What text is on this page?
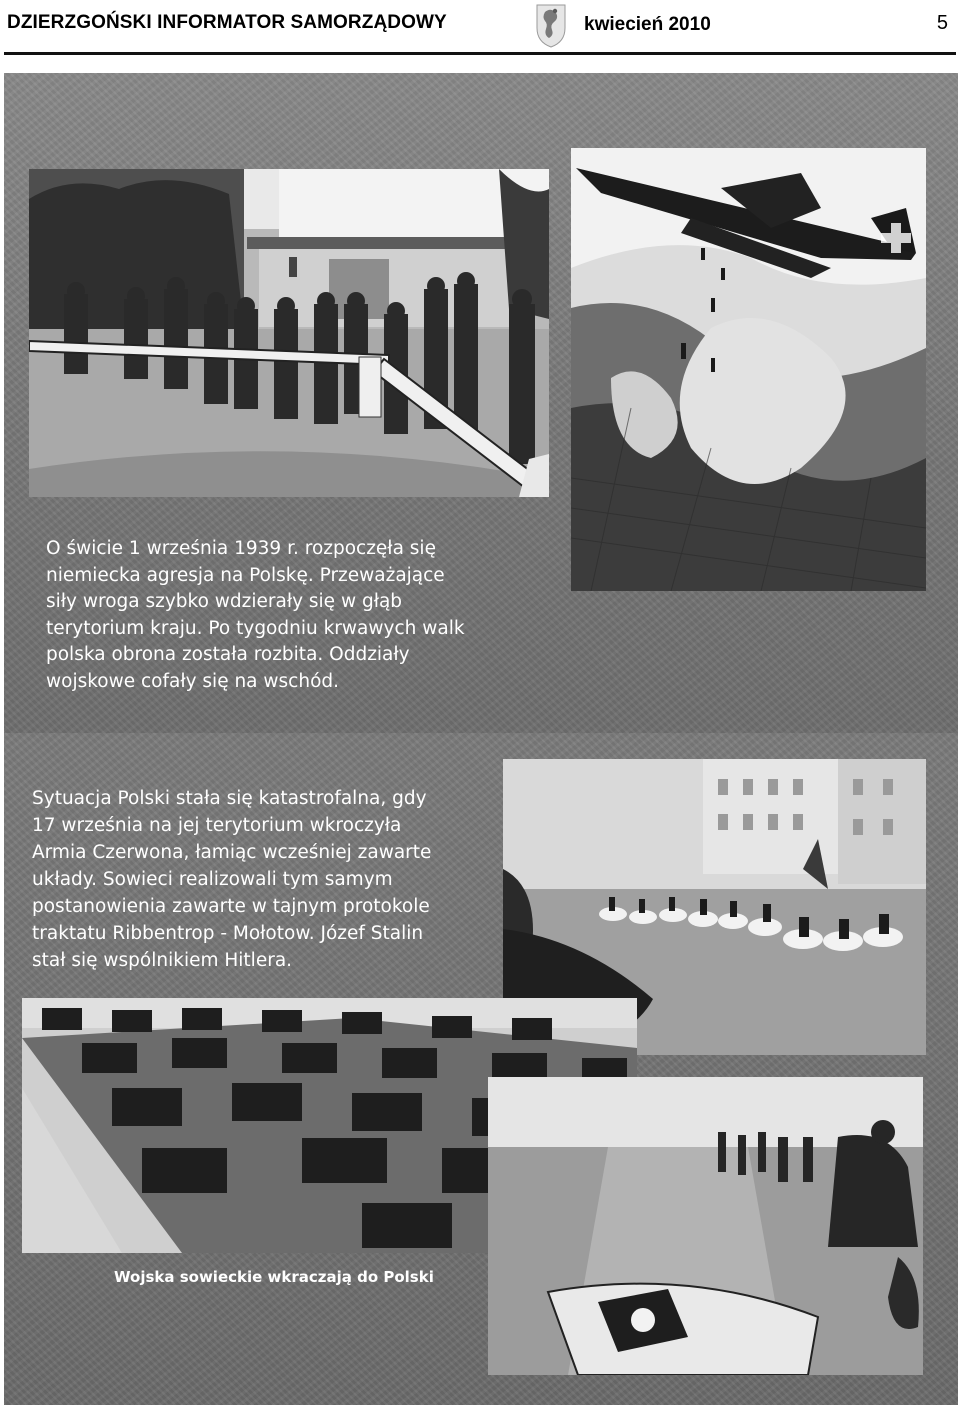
DZIERZGOŃSKI INFORMATOR SAMORZĄDOWY	kwiecień 2010	5
O świcie 1 września 1939 r. rozpoczęła się
niemiecka agresja na Polskę. Przeważające
siły wroga szybko wdzierały się w głąb
terytorium kraju. Po tygodniu krwawych walk
polska obrona została rozbita. Oddziały
wojskowe cofały się na wschód.
Sytuacja Polski stała się katastrofalna, gdy
17 września na jej terytorium wkroczyła
Armia Czerwona, łamiąc wcześniej zawarte
układy. Sowieci realizowali tym samym
postanowienia zawarte w tajnym protokole
traktatu Ribbentrop - Mołotow. Józef Stalin
stał się wspólnikiem Hitlera.
Wojska sowieckie wkraczają do Polski
